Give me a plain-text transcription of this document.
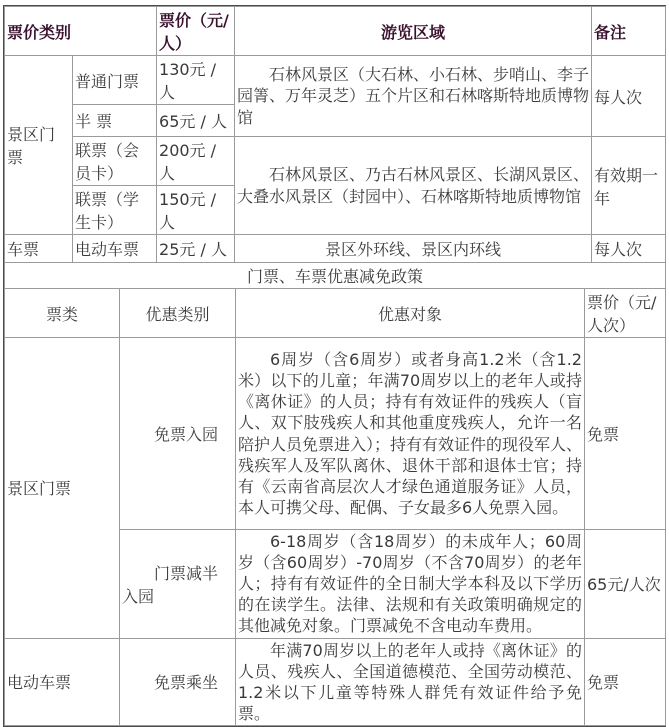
票价类别		票价（元/人）	游览区域	备注
景区门票	普通门票	130元 / 人	石林风景区（大石林、小石林、步哨山、李子园箐、万年灵芝）五个片区和石林喀斯特地质博物馆	每人次
	半 票	65元 / 人		
	联票（会员卡）	200元 / 人	石林风景区、乃古石林风景区、长湖风景区、大叠水风景区（封园中）、石林喀斯特地质博物馆	有效期一年
	联票（学生卡）	150元 / 人		
车票	电动车票	25元 / 人	景区外环线、景区内环线	每人次
门票、车票优惠减免政策			
票类	优惠类别	优惠对象	票价（元/人次）
景区门票	免票入园	6周岁（含6周岁）或者身高1.2米（含1.2米）以下的儿童；年满70周岁以上的老年人或持《离休证》的人员；持有有效证件的残疾人（盲人、双下肢残疾人和其他重度残疾人，允许一名陪护人员免票进入）；持有有效证件的现役军人、残疾军人及军队离休、退休干部和退体士官；持有《云南省高层次人才绿色通道服务证》人员，本人可携父母、配偶、子女最多6人免票入园。	免票
	门票减半入园	6-18周岁（含18周岁）的未成年人；60周岁（含60周岁）-70周岁（不含70周岁）的老年人；持有有效证件的全日制大学本科及以下学历的在读学生。法律、法规和有关政策明确规定的其他减免对象。门票减免不含电动车费用。	65元/人次
电动车票	免票乘坐	年满70周岁以上的老年人或持《离休证》的人员、残疾人、全国道德模范、全国劳动模范、1.2米以下儿童等特殊人群凭有效证件给予免票。	免票
